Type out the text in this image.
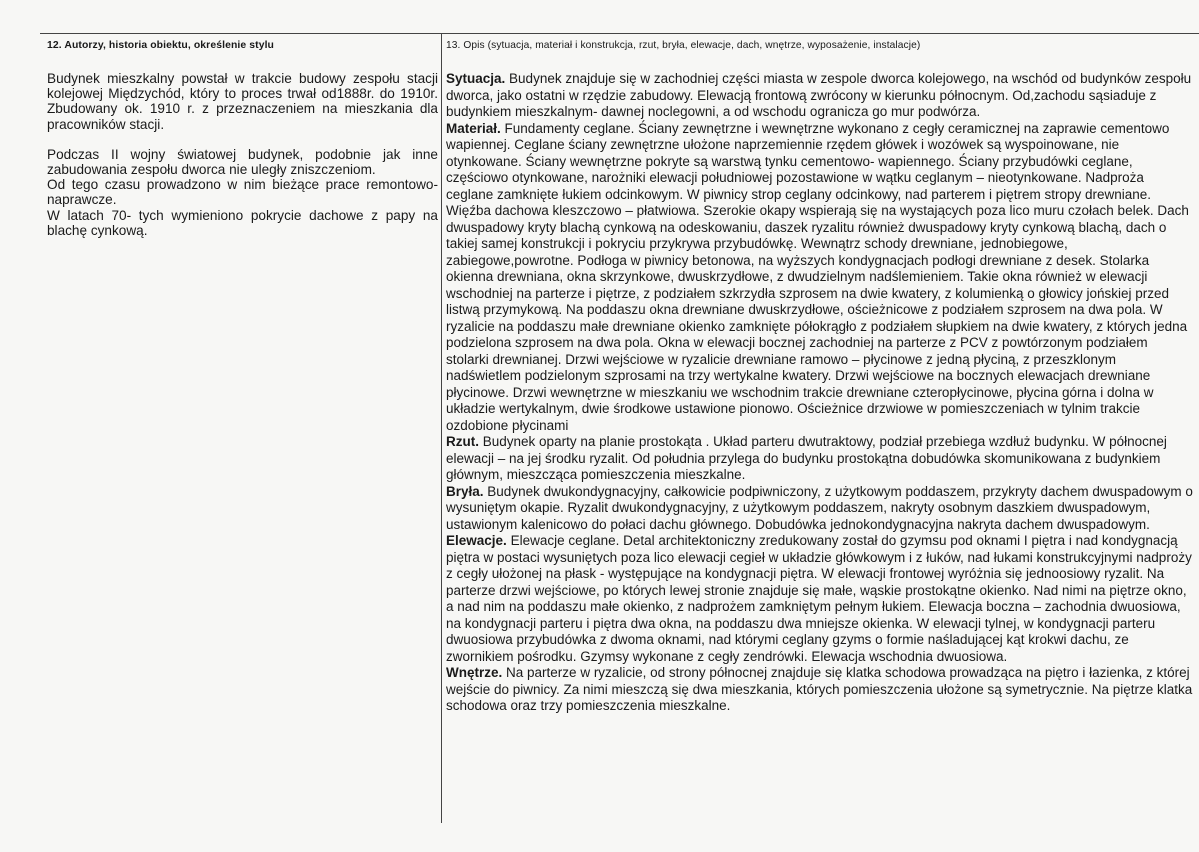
12. Autorzy, historia obiektu, określenie stylu

Budynek mieszkalny powstał w trakcie budowy zespołu stacji kolejowej Międzychód, który to proces trwał od1888r. do 1910r. Zbudowany ok. 1910 r. z przeznaczeniem na mieszkania dla pracowników stacji.

Podczas II wojny światowej budynek, podobnie jak inne zabudowania zespołu dworca nie uległy zniszczeniom.

Od tego czasu prowadzono w nim bieżące prace remontowo- naprawcze.

W latach 70- tych wymieniono pokrycie dachowe z papy na blachę cynkową.

13. Opis (sytuacja, materiał i konstrukcja, rzut, bryła, elewacje, dach, wnętrze, wyposażenie, instalacje)

Sytuacja. Budynek znajduje się w zachodniej części miasta w zespole dworca kolejowego, na wschód od budynków zespołu dworca, jako ostatni w rzędzie zabudowy. Elewacją frontową zwrócony w kierunku północnym. Od,zachodu sąsiaduje z budynkiem mieszkalnym- dawnej noclegowni, a od wschodu ogranicza go mur podwórza.

Materiał. Fundamenty ceglane. Ściany zewnętrzne i wewnętrzne wykonano z cegły ceramicznej na zaprawie cementowo wapiennej. Ceglane ściany zewnętrzne ułożone naprzemiennie rzędem główek i wozówek są wyspoinowane, nie otynkowane. Ściany wewnętrzne pokryte są warstwą tynku cementowo- wapiennego. Ściany przybudówki ceglane, częściowo otynkowane, narożniki elewacji południowej pozostawione w wątku ceglanym – nieotynkowane. Nadproża ceglane zamknięte łukiem odcinkowym. W piwnicy strop ceglany odcinkowy, nad parterem i piętrem stropy drewniane. Więźba dachowa kleszczowo – płatwiowa. Szerokie okapy wspierają się na wystających poza lico muru czołach belek. Dach dwuspadowy kryty blachą cynkową na odeskowaniu, daszek ryzalitu również dwuspadowy kryty cynkową blachą, dach o takiej samej konstrukcji i pokryciu przykrywa przybudówkę. Wewnątrz schody drewniane, jednobiegowe, zabiegowe,powrotne. Podłoga w piwnicy betonowa, na wyższych kondygnacjach podłogi drewniane z desek. Stolarka okienna drewniana, okna skrzynkowe, dwuskrzydłowe, z dwudzielnym nadślemieniem. Takie okna również w elewacji wschodniej na parterze i piętrze, z podziałem szkrzydła szprosem na dwie kwatery, z kolumienką o głowicy jońskiej przed listwą przymykową. Na poddaszu okna drewniane dwuskrzydłowe, ościeżnicowe z podziałem szprosem na dwa pola. W ryzalicie na poddaszu małe drewniane okienko zamknięte półokrągło z podziałem słupkiem na dwie kwatery, z których jedna podzielona szprosem na dwa pola. Okna w elewacji bocznej zachodniej na parterze z PCV z powtórzonym podziałem stolarki drewnianej. Drzwi wejściowe w ryzalicie drewniane ramowo – płycinowe z jedną płyciną, z przeszklonym nadświetlem podzielonym szprosami na trzy wertykalne kwatery. Drzwi wejściowe na bocznych elewacjach drewniane płycinowe. Drzwi wewnętrzne w mieszkaniu we wschodnim trakcie drewniane czteropłycinowe, płycina górna i dolna w układzie wertykalnym, dwie środkowe ustawione pionowo. Ościeżnice drzwiowe w pomieszczeniach w tylnim trakcie ozdobione płycinami

Rzut. Budynek oparty na planie prostokąta . Układ parteru dwutraktowy, podział przebiega wzdłuż budynku. W północnej elewacji – na jej środku ryzalit. Od południa przylega do budynku prostokątna dobudówka skomunikowana z budynkiem głównym, mieszcząca pomieszczenia mieszkalne.

Bryła. Budynek dwukondygnacyjny, całkowicie podpiwniczony, z użytkowym poddaszem, przykryty dachem dwuspadowym o wysuniętym okapie. Ryzalit dwukondygnacyjny, z użytkowym poddaszem, nakryty osobnym daszkiem dwuspadowym, ustawionym kalenicowo do połaci dachu głównego. Dobudówka jednokondygnacyjna nakryta dachem dwuspadowym.

Elewacje. Elewacje ceglane. Detal architektoniczny zredukowany został do gzymsu pod oknami I piętra i nad kondygnacją piętra w postaci wysuniętych poza lico elewacji cegieł w układzie główkowym i z łuków, nad łukami konstrukcyjnymi nadproży z cegły ułożonej na płask - występujące na kondygnacji piętra. W elewacji frontowej wyróżnia się jednoosiowy ryzalit. Na parterze drzwi wejściowe, po których lewej stronie znajduje się małe, wąskie prostokątne okienko. Nad nimi na piętrze okno, a nad nim na poddaszu małe okienko, z nadprożem zamkniętym pełnym łukiem. Elewacja boczna – zachodnia dwuosiowa, na kondygnacji parteru i piętra dwa okna, na poddaszu dwa mniejsze okienka. W elewacji tylnej, w kondygnacji parteru dwuosiowa przybudówka z dwoma oknami, nad którymi ceglany gzyms o formie naśladującej kąt krokwi dachu, ze zwornikiem pośrodku. Gzymsy wykonane z cegły zendrówki. Elewacja wschodnia dwuosiowa.

Wnętrze. Na parterze w ryzalicie, od strony północnej znajduje się klatka schodowa prowadząca na piętro i łazienka, z której wejście do piwnicy. Za nimi mieszczą się dwa mieszkania, których pomieszczenia ułożone są symetrycznie. Na piętrze klatka schodowa oraz trzy pomieszczenia mieszkalne.
